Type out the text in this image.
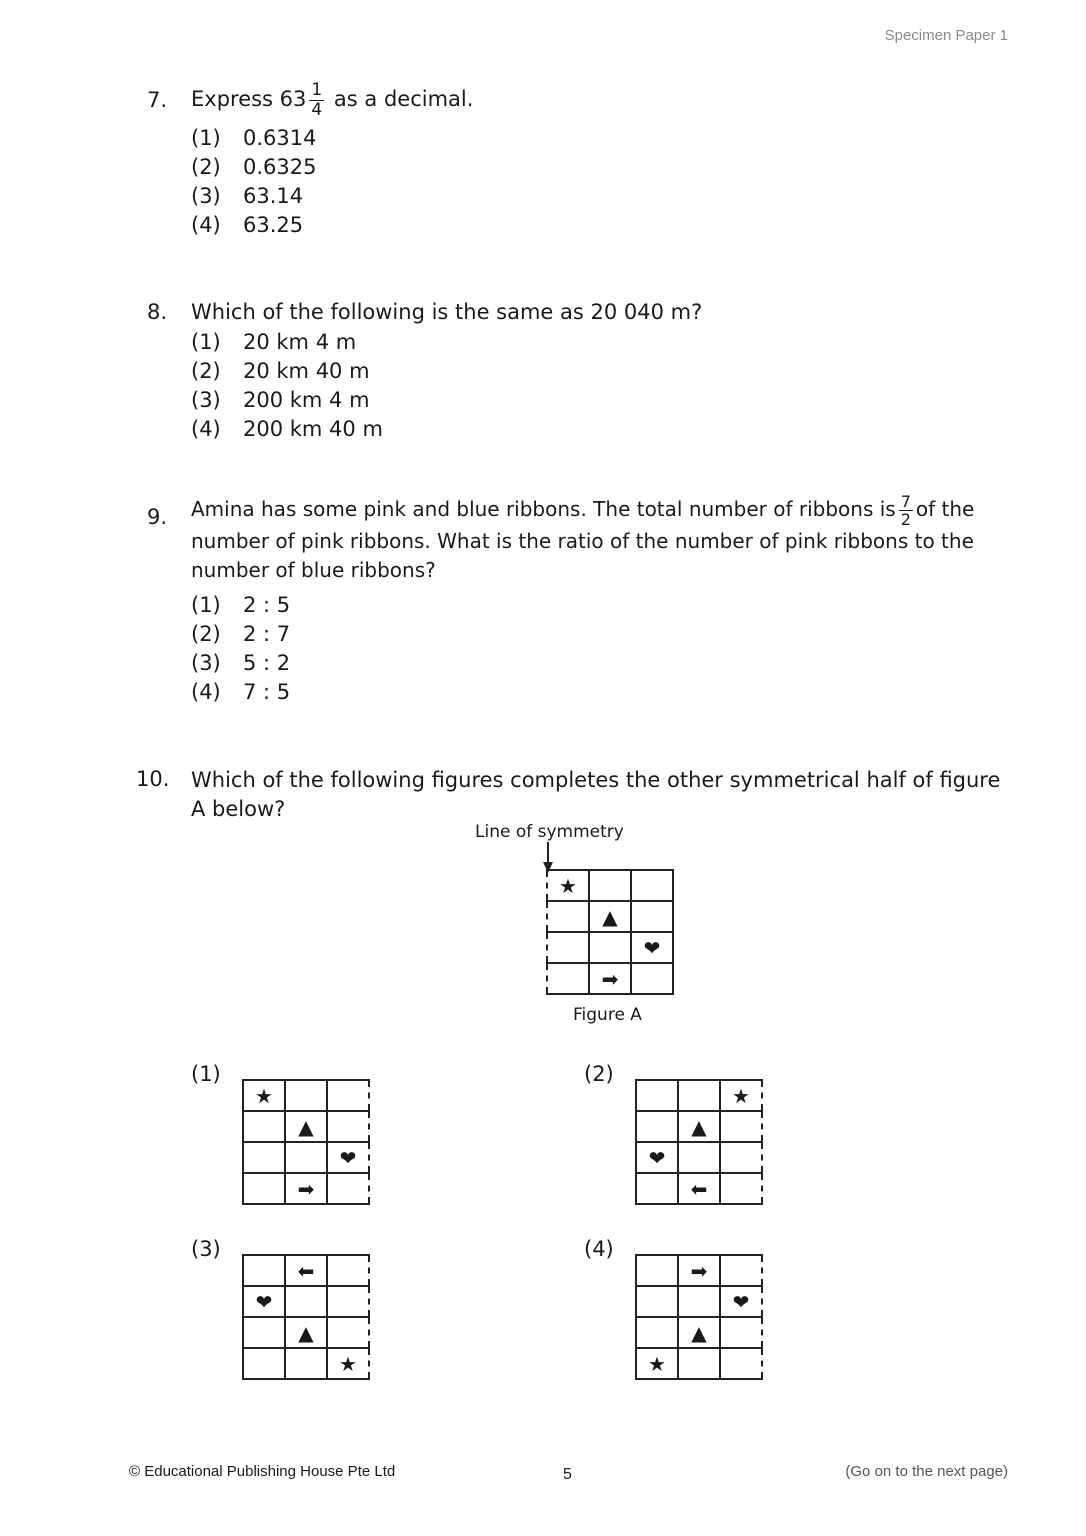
Specimen Paper 1
7. Express $63 \frac{1}{4}$ as a decimal.
(1) 0.6314
(2) 0.6325
(3) 63.14
(4) 63.25
8. Which of the following is the same as 20 040 m?
(1) 20 km 4 m
(2) 20 km 40 m
(3) 200 km 4 m
(4) 200 km 40 m
9. Amina has some pink and blue ribbons. The total number of ribbons is $\frac{7}{2}$ of the number of pink ribbons. What is the ratio of the number of pink ribbons to the number of blue ribbons?
(1) 2 : 5
(2) 2 : 7
(3) 5 : 2
(4) 7 : 5
10. Which of the following figures completes the other symmetrical half of figure A below?
Line of symmetry
★		
	▲	
		❤
	➡	
Figure A
(1)
★		
	▲	
		❤
	➡	
(2)
		★
	▲	
❤		
	⬅	
(3)
	⬅	
❤		
	▲	
		★
(4)
	➡	
		❤
	▲	
★		
© Educational Publishing House Pte Ltd	5	(Go on to the next page)
